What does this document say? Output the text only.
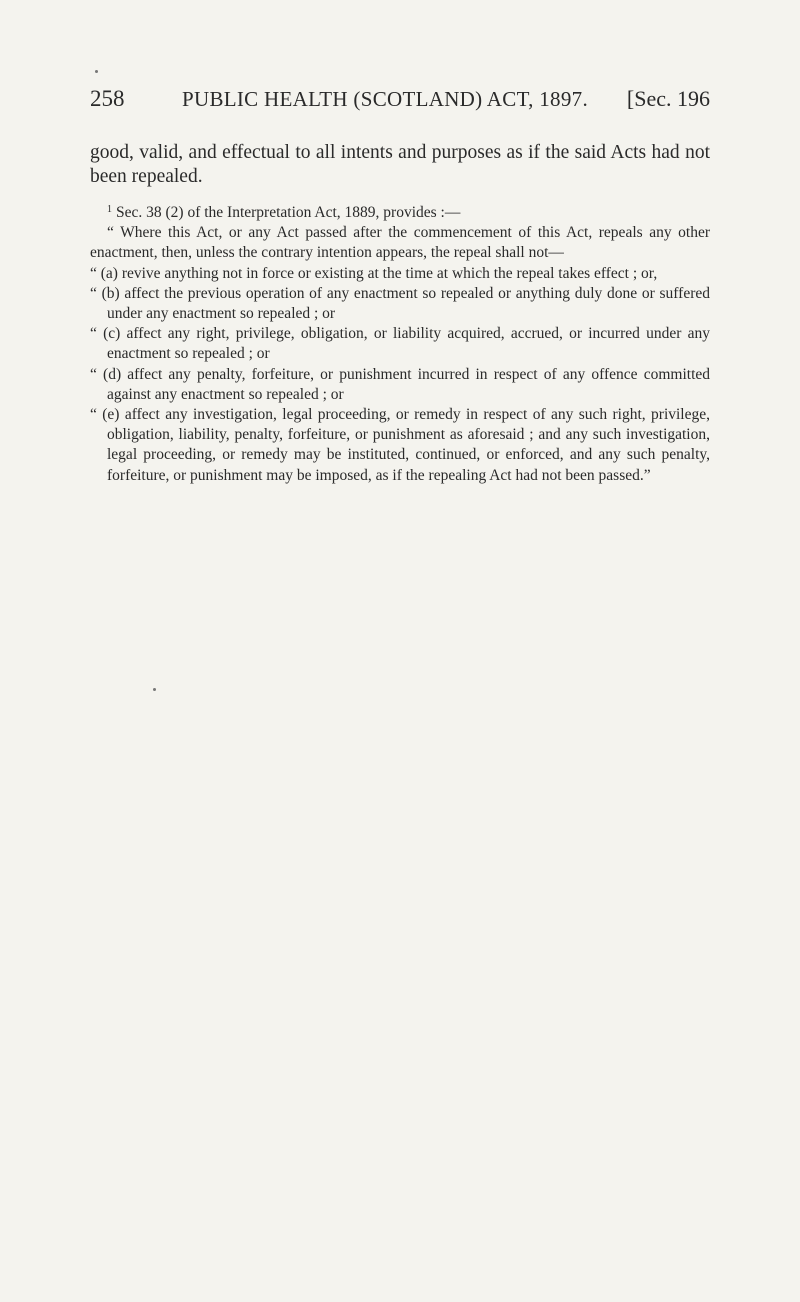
258	PUBLIC HEALTH (SCOTLAND) ACT, 1897. [Sec. 196

good, valid, and effectual to all intents and purposes as if the said Acts had not been repealed.

$^1$ Sec. 38 (2) of the Interpretation Act, 1889, provides :—

“ Where this Act, or any Act passed after the commencement of this Act, repeals any other enactment, then, unless the contrary intention appears, the repeal shall not—

“ (a) revive anything not in force or existing at the time at which the repeal takes effect ; or,

“ (b) affect the previous operation of any enactment so repealed or anything duly done or suffered under any enactment so repealed ; or

“ (c) affect any right, privilege, obligation, or liability acquired, accrued, or incurred under any enactment so repealed ; or

“ (d) affect any penalty, forfeiture, or punishment incurred in respect of any offence committed against any enactment so repealed ; or

“ (e) affect any investigation, legal proceeding, or remedy in respect of any such right, privilege, obligation, liability, penalty, forfeiture, or punishment as aforesaid ; and any such investigation, legal proceeding, or remedy may be instituted, continued, or enforced, and any such penalty, forfeiture, or punishment may be imposed, as if the repealing Act had not been passed.”
